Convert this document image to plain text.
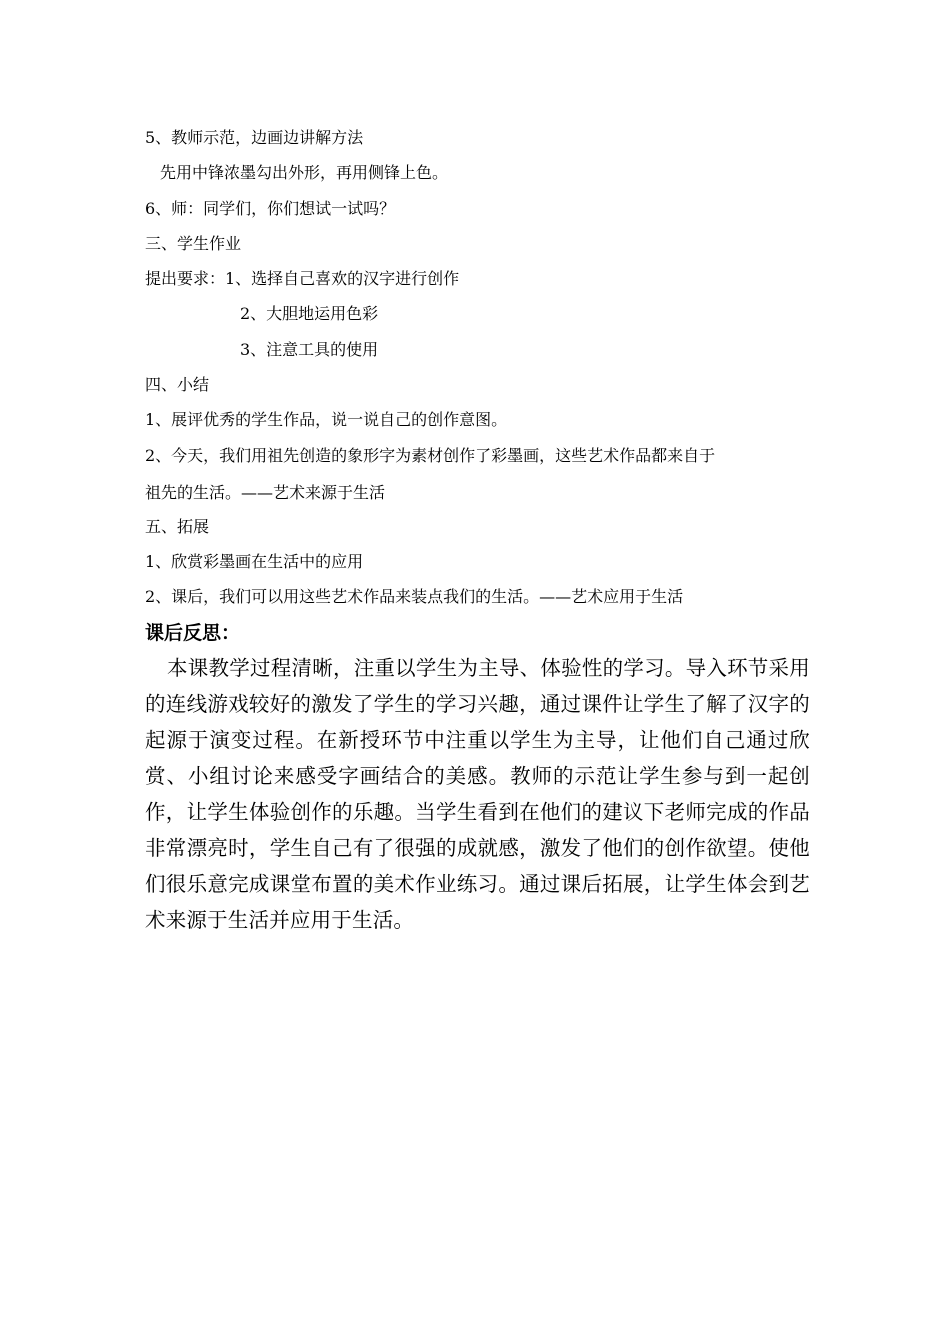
5、教师示范，边画边讲解方法
先用中锋浓墨勾出外形，再用侧锋上色。
6、师：同学们，你们想试一试吗？
三、学生作业
提出要求：1、选择自己喜欢的汉字进行创作
2、大胆地运用色彩
3、注意工具的使用
四、小结
1、展评优秀的学生作品，说一说自己的创作意图。
2、今天，我们用祖先创造的象形字为素材创作了彩墨画，这些艺术作品都来自于
祖先的生活。——艺术来源于生活
五、拓展
1、欣赏彩墨画在生活中的应用
2、课后，我们可以用这些艺术作品来装点我们的生活。——艺术应用于生活
课后反思：
本课教学过程清晰，注重以学生为主导、体验性的学习。导入环节采用的连线游戏较好的激发了学生的学习兴趣，通过课件让学生了解了汉字的起源于演变过程。在新授环节中注重以学生为主导，让他们自己通过欣赏、小组讨论来感受字画结合的美感。教师的示范让学生参与到一起创作，让学生体验创作的乐趣。当学生看到在他们的建议下老师完成的作品非常漂亮时，学生自己有了很强的成就感，激发了他们的创作欲望。使他们很乐意完成课堂布置的美术作业练习。通过课后拓展，让学生体会到艺术来源于生活并应用于生活。
